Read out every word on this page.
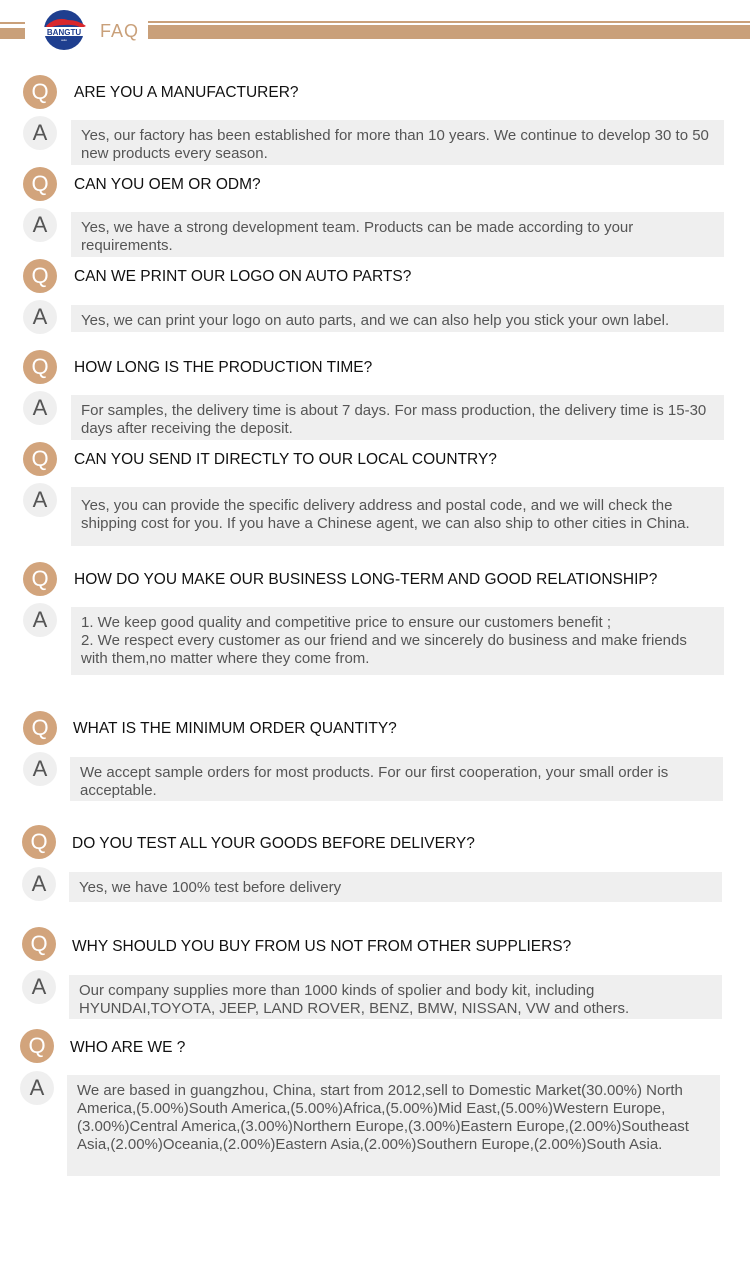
BANGTU
auto FAQ
Q	ARE YOU A MANUFACTURER?
A	Yes, our factory has been established for more than 10 years. We continue to develop 30 to 50 new products every season.
Q	CAN YOU OEM OR ODM?
A	Yes, we have a strong development team. Products can be made according to your requirements.
Q	CAN WE PRINT OUR LOGO ON AUTO PARTS?
A	Yes, we can print your logo on auto parts, and we can also help you stick your own label.
Q	HOW LONG IS THE PRODUCTION TIME?
A	For samples, the delivery time is about 7 days. For mass production, the delivery time is 15-30 days after receiving the deposit.
Q	CAN YOU SEND IT DIRECTLY TO OUR LOCAL COUNTRY?
A	Yes, you can provide the specific delivery address and postal code, and we will check the shipping cost for you. If you have a Chinese agent, we can also ship to other cities in China.
Q	HOW DO YOU MAKE OUR BUSINESS LONG-TERM AND GOOD RELATIONSHIP?
A	1. We keep good quality and competitive price to ensure our customers benefit ;
2. We respect every customer as our friend and we sincerely do business and make friends with them,no matter where they come from.
Q	WHAT IS THE MINIMUM ORDER QUANTITY?
A	We accept sample orders for most products. For our first cooperation, your small order is acceptable.
Q	DO YOU TEST ALL YOUR GOODS BEFORE DELIVERY?
A	Yes, we have 100% test before delivery
Q	WHY SHOULD YOU BUY FROM US NOT FROM OTHER SUPPLIERS?
A	Our company supplies more than 1000 kinds of spolier and body kit, including HYUNDAI,TOYOTA, JEEP, LAND ROVER, BENZ, BMW, NISSAN, VW and others.
Q	WHO ARE WE ?
A	We are based in guangzhou, China, start from 2012,sell to Domestic Market(30.00%) North America,(5.00%)South America,(5.00%)Africa,(5.00%)Mid East,(5.00%)Western Europe,(3.00%)Central America,(3.00%)Northern Europe,(3.00%)Eastern Europe,(2.00%)Southeast Asia,(2.00%)Oceania,(2.00%)Eastern Asia,(2.00%)Southern Europe,(2.00%)South Asia.
